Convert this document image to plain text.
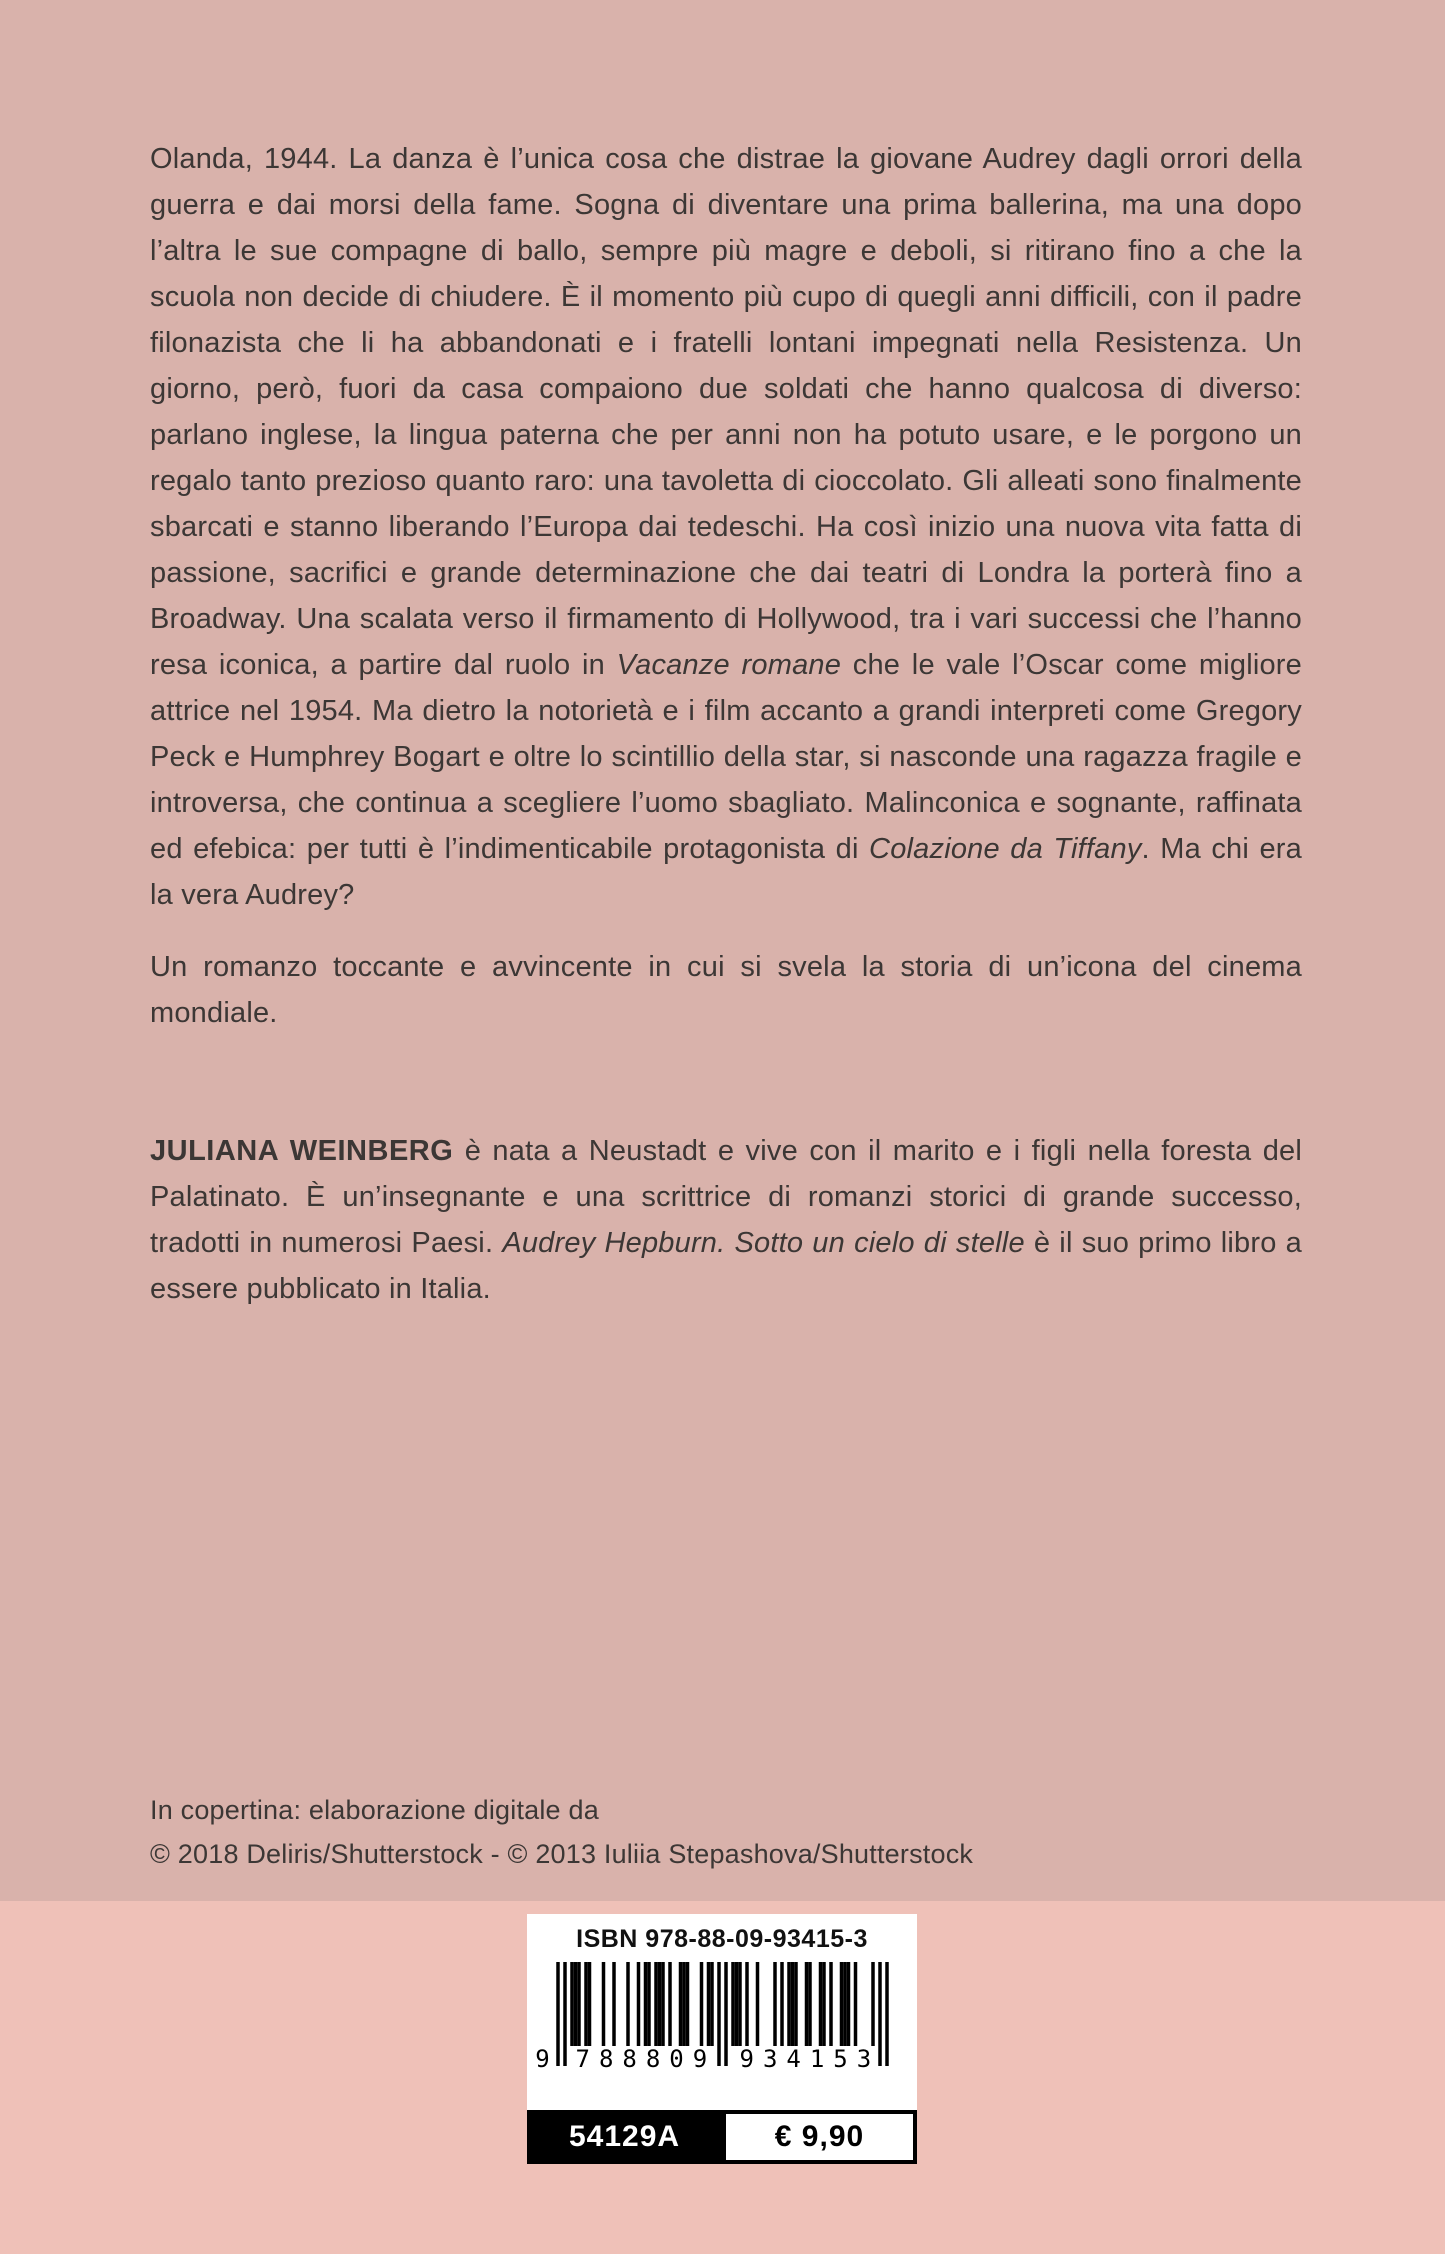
Olanda, 1944. La danza è l’unica cosa che distrae la giovane Audrey dagli orrori della guerra e dai morsi della fame. Sogna di diventare una prima ballerina, ma una dopo l’altra le sue compagne di ballo, sempre più magre e deboli, si ritirano fino a che la scuola non decide di chiudere. È il momento più cupo di quegli anni difficili, con il padre filonazista che li ha abbandonati e i fratelli lontani impegnati nella Resistenza. Un giorno, però, fuori da casa compaiono due soldati che hanno qualcosa di diverso: parlano inglese, la lingua paterna che per anni non ha potuto usare, e le porgono un regalo tanto prezioso quanto raro: una tavoletta di cioccolato. Gli alleati sono finalmente sbarcati e stanno liberando l’Europa dai tedeschi. Ha così inizio una nuova vita fatta di passione, sacrifici e grande determinazione che dai teatri di Londra la porterà fino a Broadway. Una scalata verso il firmamento di Hollywood, tra i vari successi che l’hanno resa iconica, a partire dal ruolo in Vacanze romane che le vale l’Oscar come migliore attrice nel 1954. Ma dietro la notorietà e i film accanto a grandi interpreti come Gregory Peck e Humphrey Bogart e oltre lo scintillio della star, si nasconde una ragazza fragile e introversa, che continua a scegliere l’uomo sbagliato. Malinconica e sognante, raffinata ed efebica: per tutti è l’indimenticabile protagonista di Colazione da Tiffany. Ma chi era la vera Audrey?

Un romanzo toccante e avvincente in cui si svela la storia di un’icona del cinema mondiale.

JULIANA WEINBERG è nata a Neustadt e vive con il marito e i figli nella foresta del Palatinato. È un’insegnante e una scrittrice di romanzi storici di grande successo, tradotti in numerosi Paesi. Audrey Hepburn. Sotto un cielo di stelle è il suo primo libro a essere pubblicato in Italia.

In copertina: elaborazione digitale da
© 2018 Deliris/Shutterstock - © 2013 Iuliia Stepashova/Shutterstock
ISBN 978-88-09-93415-3
9	788809 934153
54129A	€ 9,90
